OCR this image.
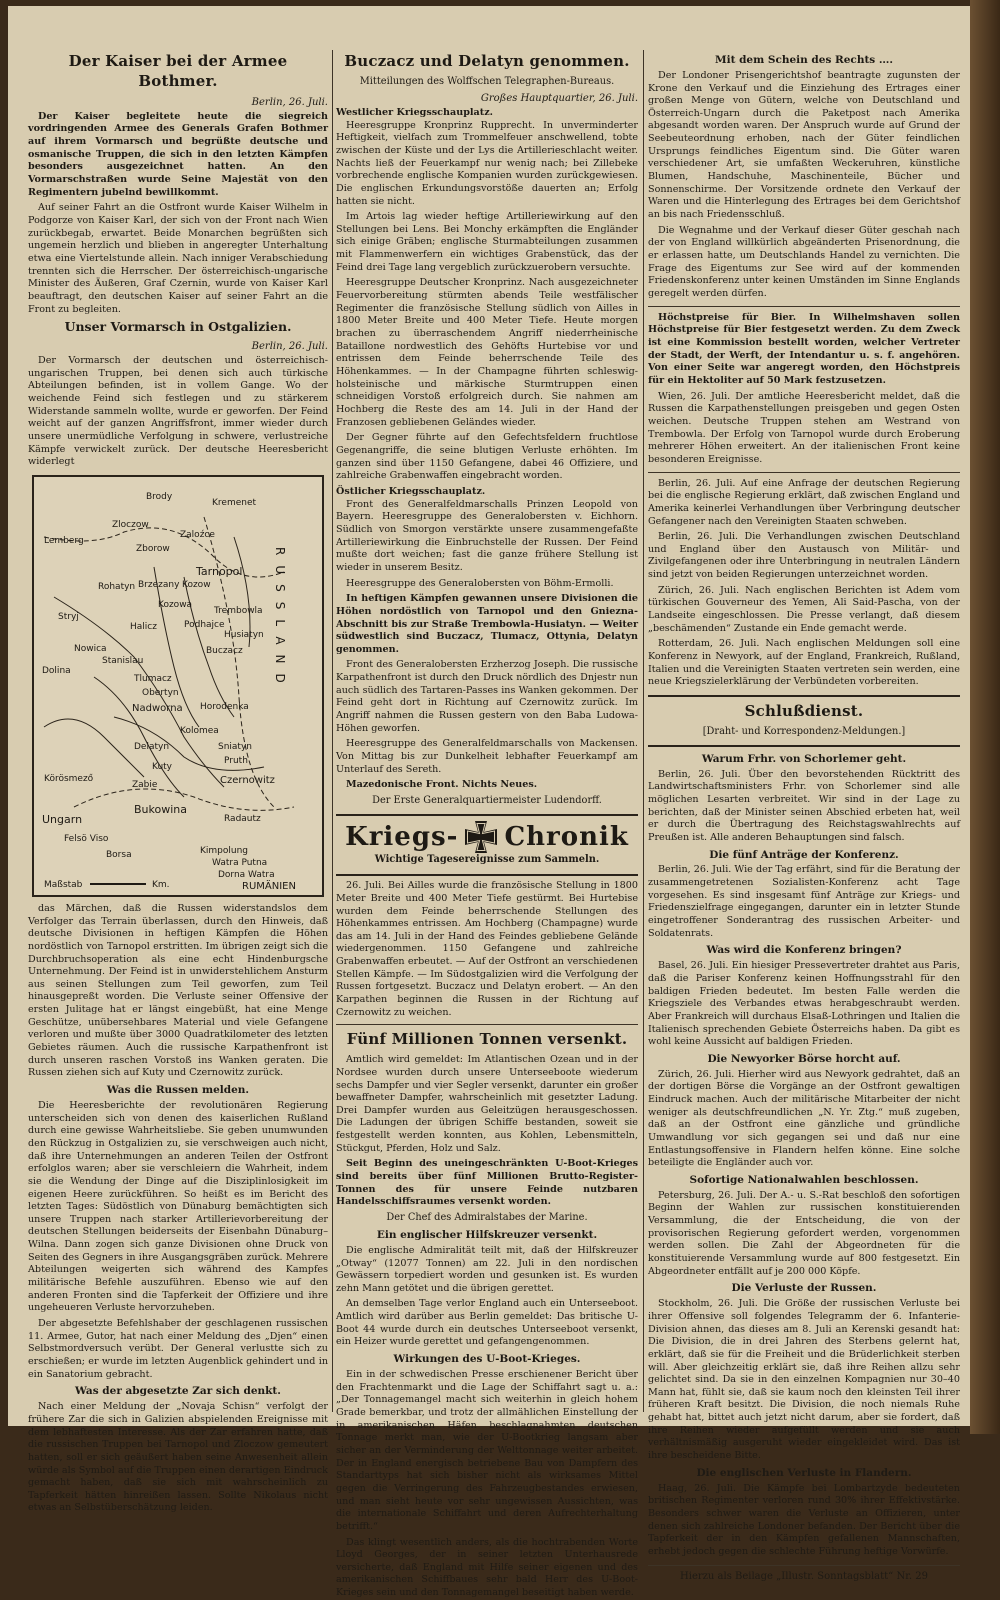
Der Kaiser bei der Armee Bothmer.
Berlin, 26. Juli.

Der Kaiser begleitete heute die siegreich vordringenden Armee des Generals Grafen Bothmer auf ihrem Vormarsch und begrüßte deutsche und osmanische Truppen, die sich in den letzten Kämpfen besonders ausgezeichnet hatten. An den Vormarschstraßen wurde Seine Majestät von den Regimentern jubelnd bewillkommt.

Auf seiner Fahrt an die Ostfront wurde Kaiser Wilhelm in Podgorze von Kaiser Karl, der sich von der Front nach Wien zurückbegab, erwartet. Beide Monarchen begrüßten sich ungemein herzlich und blieben in angeregter Unterhaltung etwa eine Viertelstunde allein. Nach inniger Verabschiedung trennten sich die Herrscher. Der österreichisch-ungarische Minister des Äußeren, Graf Czernin, wurde von Kaiser Karl beauftragt, den deutschen Kaiser auf seiner Fahrt an die Front zu begleiten.

Unser Vormarsch in Ostgalizien.
Berlin, 26. Juli.

Der Vormarsch der deutschen und österreichisch-ungarischen Truppen, bei denen sich auch türkische Abteilungen befinden, ist in vollem Gange. Wo der weichende Feind sich festlegen und zu stärkerem Widerstande sammeln wollte, wurde er geworfen. Der Feind weicht auf der ganzen Angriffsfront, immer wieder durch unsere unermüdliche Verfolgung in schwere, verlustreiche Kämpfe verwickelt zurück. Der deutsche Heeresbericht widerlegt

Brody
Kremenet
Zloczow
Zborow
Zaloźce
Lemberg
Tarnopol
Rohatyn Brzezany Kozow
Kozowa
Podhajce
Trembowla
Stryj
Halicz
Buczacz
Husiatyn
Nowica
Stanislau
Tlumacz
Dolina
Obertyn
Nadworna Horodenka
Kolomea
Delatyn	Sniatyn
Kuty
Pruth
Körösmező	Czernowitz
Zabie
Bukowina
Ungarn	Radautz
Felsö Viso
Borsa	Kimpolung
Watra Putna
Dorna Watra
RUMÄNIEN
RUSSLAND
Maßstab	Km.

das Märchen, daß die Russen widerstandslos dem Verfolger das Terrain überlassen, durch den Hinweis, daß deutsche Divisionen in heftigen Kämpfen die Höhen nordöstlich von Tarnopol erstritten. Im übrigen zeigt sich die Durchbruchsoperation als eine echt Hindenburgsche Unternehmung. Der Feind ist in unwiderstehlichem Ansturm aus seinen Stellungen zum Teil geworfen, zum Teil hinausgepreßt worden. Die Verluste seiner Offensive der ersten Julitage hat er längst eingebüßt, hat eine Menge Geschütze, unübersehbares Material und viele Gefangene verloren und mußte über 3000 Quadratkilometer des letzten Gebietes räumen. Auch die russische Karpathenfront ist durch unseren raschen Vorstoß ins Wanken geraten. Die Russen ziehen sich auf Kuty und Czernowitz zurück.

Was die Russen melden.

Die Heeresberichte der revolutionären Regierung unterscheiden sich von denen des kaiserlichen Rußland durch eine gewisse Wahrheitsliebe. Sie geben unumwunden den Rückzug in Ostgalizien zu, sie verschweigen auch nicht, daß ihre Unternehmungen an anderen Teilen der Ostfront erfolglos waren; aber sie verschleiern die Wahrheit, indem sie die Wendung der Dinge auf die Disziplinlosigkeit im eigenen Heere zurückführen. So heißt es im Bericht des letzten Tages: Südöstlich von Dünaburg bemächtigten sich unsere Truppen nach starker Artillerievorbereitung der deutschen Stellungen beiderseits der Eisenbahn Dünaburg–Wilna. Dann zogen sich ganze Divisionen ohne Druck von Seiten des Gegners in ihre Ausgangsgräben zurück. Mehrere Abteilungen weigerten sich während des Kampfes militärische Befehle auszuführen. Ebenso wie auf den anderen Fronten sind die Tapferkeit der Offiziere und ihre ungeheueren Verluste hervorzuheben.

Der abgesetzte Befehlshaber der geschlagenen russischen 11. Armee, Gutor, hat nach einer Meldung des „Djen“ einen Selbstmordversuch verübt. Der General verlustte sich zu erschießen; er wurde im letzten Augenblick gehindert und in ein Sanatorium gebracht.

Was der abgesetzte Zar sich denkt.

Nach einer Meldung der „Novaja Schisn“ verfolgt der frühere Zar die sich in Galizien abspielenden Ereignisse mit dem lebhaftesten Interesse. Als der Zar erfahren hatte, daß die russischen Truppen bei Tarnopol und Zloczow gemeutert hatten, soll er sich geäußert haben seine Anwesenheit allein würde als Symbol auf die Truppen einen derartigen Eindruck gemacht haben, daß sie sich mit wahrscheinlich zu Tapferkeit hätten hinreißen lassen. Sollte Nikolaus nicht etwas an Selbstüberschätzung leiden.

Buczacz und Delatyn genommen.
Mitteilungen des Wolffschen Telegraphen-Bureaus.
Großes Hauptquartier, 26. Juli.
Westlicher Kriegsschauplatz.

Heeresgruppe Kronprinz Rupprecht. In unverminderter Heftigkeit, vielfach zum Trommelfeuer anschwellend, tobte zwischen der Küste und der Lys die Artillerieschlacht weiter. Nachts ließ der Feuerkampf nur wenig nach; bei Zillebeke vorbrechende englische Kompanien wurden zurückgewiesen. Die englischen Erkundungsvorstöße dauerten an; Erfolg hatten sie nicht.

Im Artois lag wieder heftige Artilleriewirkung auf den Stellungen bei Lens. Bei Monchy erkämpften die Engländer sich einige Gräben; englische Sturmabteilungen zusammen mit Flammenwerfern ein wichtiges Grabenstück, das der Feind drei Tage lang vergeblich zurückzuerobern versuchte.

Heeresgruppe Deutscher Kronprinz. Nach ausgezeichneter Feuervorbereitung stürmten abends Teile westfälischer Regimenter die französische Stellung südlich von Ailles in 1800 Meter Breite und 400 Meter Tiefe. Heute morgen brachen zu überraschendem Angriff niederrheinische Bataillone nordwestlich des Gehöfts Hurtebise vor und entrissen dem Feinde beherrschende Teile des Höhenkammes. — In der Champagne führten schleswig-holsteinische und märkische Sturmtruppen einen schneidigen Vorstoß erfolgreich durch. Sie nahmen am Hochberg die Reste des am 14. Juli in der Hand der Franzosen gebliebenen Geländes wieder.

Der Gegner führte auf den Gefechtsfeldern fruchtlose Gegenangriffe, die seine blutigen Verluste erhöhten. Im ganzen sind über 1150 Gefangene, dabei 46 Offiziere, und zahlreiche Grabenwaffen eingebracht worden.

Östlicher Kriegsschauplatz.

Front des Generalfeldmarschalls Prinzen Leopold von Bayern. Heeresgruppe des Generalobersten v. Eichhorn. Südlich von Smorgon verstärkte unsere zusammengefaßte Artilleriewirkung die Einbruchstelle der Russen. Der Feind mußte dort weichen; fast die ganze frühere Stellung ist wieder in unserem Besitz.

Heeresgruppe des Generalobersten von Böhm-Ermolli.

In heftigen Kämpfen gewannen unsere Divisionen die Höhen nordöstlich von Tarnopol und den Gniezna-Abschnitt bis zur Straße Trembowla-Husiatyn. — Weiter südwestlich sind Buczacz, Tlumacz, Ottynia, Delatyn genommen.

Front des Generalobersten Erzherzog Joseph. Die russische Karpathenfront ist durch den Druck nördlich des Dnjestr nun auch südlich des Tartaren-Passes ins Wanken gekommen. Der Feind geht dort in Richtung auf Czernowitz zurück. Im Angriff nahmen die Russen gestern von den Baba Ludowa-Höhen geworfen.

Heeresgruppe des Generalfeldmarschalls von Mackensen. Von Mittag bis zur Dunkelheit lebhafter Feuerkampf am Unterlauf des Sereth.

Mazedonische Front. Nichts Neues.

Der Erste Generalquartiermeister Ludendorff.
Kriegs- Chronik
Wichtige Tagesereignisse zum Sammeln.

26. Juli. Bei Ailles wurde die französische Stellung in 1800 Meter Breite und 400 Meter Tiefe gestürmt. Bei Hurtebise wurden dem Feinde beherrschende Stellungen des Höhenkammes entrissen. Am Hochberg (Champagne) wurde das am 14. Juli in der Hand des Feindes gebliebene Gelände wiedergenommen. 1150 Gefangene und zahlreiche Grabenwaffen erbeutet. — Auf der Ostfront an verschiedenen Stellen Kämpfe. — Im Südostgalizien wird die Verfolgung der Russen fortgesetzt. Buczacz und Delatyn erobert. — An den Karpathen beginnen die Russen in der Richtung auf Czernowitz zu weichen.

Fünf Millionen Tonnen versenkt.

Amtlich wird gemeldet: Im Atlantischen Ozean und in der Nordsee wurden durch unsere Unterseeboote wiederum sechs Dampfer und vier Segler versenkt, darunter ein großer bewaffneter Dampfer, wahrscheinlich mit gesetzter Ladung. Drei Dampfer wurden aus Geleitzügen herausgeschossen. Die Ladungen der übrigen Schiffe bestanden, soweit sie festgestellt werden konnten, aus Kohlen, Lebensmitteln, Stückgut, Pferden, Holz und Salz.

Seit Beginn des uneingeschränkten U-Boot-Krieges sind bereits über fünf Millionen Brutto-Register-Tonnen des für unsere Feinde nutzbaren Handelsschiffsraumes versenkt worden.

Der Chef des Admiralstabes der Marine.
Ein englischer Hilfskreuzer versenkt.

Die englische Admiralität teilt mit, daß der Hilfskreuzer „Otway“ (12077 Tonnen) am 22. Juli in den nordischen Gewässern torpediert worden und gesunken ist. Es wurden zehn Mann getötet und die übrigen gerettet.

An demselben Tage verlor England auch ein Unterseeboot. Amtlich wird darüber aus Berlin gemeldet: Das britische U-Boot 44 wurde durch ein deutsches Unterseeboot versenkt, ein Heizer wurde gerettet und gefangengenommen.

Wirkungen des U-Boot-Krieges.

Ein in der schwedischen Presse erschienener Bericht über den Frachtenmarkt und die Lage der Schiffahrt sagt u. a.: „Der Tonnagemangel macht sich weiterhin in gleich hohem Grade bemerkbar, und trotz der allmählichen Einstellung der in amerikanischen Häfen beschlagnahmten deutschen Tonnage merkt man, wie der U-Bootkrieg langsam aber sicher an der Verminderung der Welttonnage weiter arbeitet. Der in England energisch betriebene Bau von Dampfern des Standarttyps hat sich bisher nicht als wirksames Mittel gegen die Verringerung des Fahrzeugbestandes erwiesen, und man sieht heute vor sehr ungewissen Aussichten, was die internationale Schiffahrt und deren Aufrechterhaltung betrifft.“

Das klingt wesentlich anders, als die hochtrabenden Worte Lloyd Georges, der in seiner letzten Unterhausrede versicherte, daß England mit Hilfe seiner eigenen und des amerikanischen Schiffbaues sehr bald Herr des U-Boot-Krieges sein und den Tonnagemangel beseitigt haben werde.

Mit dem Schein des Rechts ….

Der Londoner Prisengerichtshof beantragte zugunsten der Krone den Verkauf und die Einziehung des Ertrages einer großen Menge von Gütern, welche von Deutschland und Österreich-Ungarn durch die Paketpost nach Amerika abgesandt worden waren. Der Anspruch wurde auf Grund der Seebeuteordnung erhoben, nach der Güter feindlichen Ursprungs feindliches Eigentum sind. Die Güter waren verschiedener Art, sie umfaßten Weckeruhren, künstliche Blumen, Handschuhe, Maschinenteile, Bücher und Sonnenschirme. Der Vorsitzende ordnete den Verkauf der Waren und die Hinterlegung des Ertrages bei dem Gerichtshof an bis nach Friedensschluß.

Die Wegnahme und der Verkauf dieser Güter geschah nach der von England willkürlich abgeänderten Prisenordnung, die er erlassen hatte, um Deutschlands Handel zu vernichten. Die Frage des Eigentums zur See wird auf der kommenden Friedenskonferenz unter keinen Umständen im Sinne Englands geregelt werden dürfen.

Höchstpreise für Bier. In Wilhelmshaven sollen Höchstpreise für Bier festgesetzt werden. Zu dem Zweck ist eine Kommission bestellt worden, welcher Vertreter der Stadt, der Werft, der Intendantur u. s. f. angehören. Von einer Seite war angeregt worden, den Höchstpreis für ein Hektoliter auf 50 Mark festzusetzen.

Wien, 26. Juli. Der amtliche Heeresbericht meldet, daß die Russen die Karpathenstellungen preisgeben und gegen Osten weichen. Deutsche Truppen stehen am Westrand von Trembowla. Der Erfolg von Tarnopol wurde durch Eroberung mehrerer Höhen erweitert. An der italienischen Front keine besonderen Ereignisse.

Berlin, 26. Juli. Auf eine Anfrage der deutschen Regierung bei die englische Regierung erklärt, daß zwischen England und Amerika keinerlei Verhandlungen über Verbringung deutscher Gefangener nach den Vereinigten Staaten schweben.

Berlin, 26. Juli. Die Verhandlungen zwischen Deutschland und England über den Austausch von Militär- und Zivilgefangenen oder ihre Unterbringung in neutralen Ländern sind jetzt von beiden Regierungen unterzeichnet worden.

Zürich, 26. Juli. Nach englischen Berichten ist Adem vom türkischen Gouverneur des Yemen, Ali Said-Pascha, von der Landseite eingeschlossen. Die Presse verlangt, daß diesem „beschämenden“ Zustande ein Ende gemacht werde.

Rotterdam, 26. Juli. Nach englischen Meldungen soll eine Konferenz in Newyork, auf der England, Frankreich, Rußland, Italien und die Vereinigten Staaten vertreten sein werden, eine neue Kriegszielerklärung der Verbündeten vorbereiten.

Schlußdienst.
[Draht- und Korrespondenz-Meldungen.]
Warum Frhr. von Schorlemer geht.

Berlin, 26. Juli. Über den bevorstehenden Rücktritt des Landwirtschaftsministers Frhr. von Schorlemer sind alle möglichen Lesarten verbreitet. Wir sind in der Lage zu berichten, daß der Minister seinen Abschied erbeten hat, weil er durch die Übertragung des Reichstagswahlrechts auf Preußen ist. Alle anderen Behauptungen sind falsch.

Die fünf Anträge der Konferenz.

Berlin, 26. Juli. Wie der Tag erfährt, sind für die Beratung der zusammengetretenen Sozialisten-Konferenz acht Tage vorgesehen. Es sind insgesamt fünf Anträge zur Kriegs- und Friedenszielfrage eingegangen, darunter ein in letzter Stunde eingetroffener Sonderantrag des russischen Arbeiter- und Soldatenrats.

Was wird die Konferenz bringen?

Basel, 26. Juli. Ein hiesiger Pressevertreter drahtet aus Paris, daß die Pariser Konferenz keinen Hoffnungsstrahl für den baldigen Frieden bedeutet. Im besten Falle werden die Kriegsziele des Verbandes etwas herabgeschraubt werden. Aber Frankreich will durchaus Elsaß-Lothringen und Italien die Italienisch sprechenden Gebiete Österreichs haben. Da gibt es wohl keine Aussicht auf baldigen Frieden.

Die Newyorker Börse horcht auf.

Zürich, 26. Juli. Hierher wird aus Newyork gedrahtet, daß an der dortigen Börse die Vorgänge an der Ostfront gewaltigen Eindruck machen. Auch der militärische Mitarbeiter der nicht weniger als deutschfreundlichen „N. Yr. Ztg.“ muß zugeben, daß an der Ostfront eine gänzliche und gründliche Umwandlung vor sich gegangen sei und daß nur eine Entlastungsoffensive in Flandern helfen könne. Eine solche beteiligte die Engländer auch vor.

Sofortige Nationalwahlen beschlossen.

Petersburg, 26. Juli. Der A.- u. S.-Rat beschloß den sofortigen Beginn der Wahlen zur russischen konstituierenden Versammlung, die der Entscheidung, die von der provisorischen Regierung gefordert werden, vorgenommen werden sollen. Die Zahl der Abgeordneten für die konstituierende Versammlung wurde auf 800 festgesetzt. Ein Abgeordneter entfällt auf je 200 000 Köpfe.

Die Verluste der Russen.

Stockholm, 26. Juli. Die Größe der russischen Verluste bei ihrer Offensive soll folgendes Telegramm der 6. Infanterie-Division ahnen, das dieses am 8. Juli an Kerenski gesandt hat: Die Division, die in drei Jahren des Sterbens gelernt hat, erklärt, daß sie für die Freiheit und die Brüderlichkeit sterben will. Aber gleichzeitig erklärt sie, daß ihre Reihen allzu sehr gelichtet sind. Da sie in den einzelnen Kompagnien nur 30–40 Mann hat, fühlt sie, daß sie kaum noch den kleinsten Teil ihrer früheren Kraft besitzt. Die Division, die noch niemals Ruhe gehabt hat, bittet auch jetzt nicht darum, aber sie fordert, daß ihre Reihen wieder aufgefüllt werden und sie auch verhältnismäßig ausgeruht wieder eingekleidet wird. Das ist ihre bescheidene Bitte.

Die englischen Verluste in Flandern.

Haag, 26. Juli. Die Kämpfe bei Lombartzyde bedeuteten britischen Regimenter verloren rund 30% ihrer Effektivstärke. Besonders schwer waren die Verluste an Offizieren, unter denen sich zahlreiche Londoner befanden. Der Bericht über die Tapferkeit der in den Kämpfen gefallenen Mannschaften, erhebt jedoch gegen die schlechte Führung heftige Vorwürfe.

Hierzu als Beilage „Illustr. Sonntagsblatt“ Nr. 29
